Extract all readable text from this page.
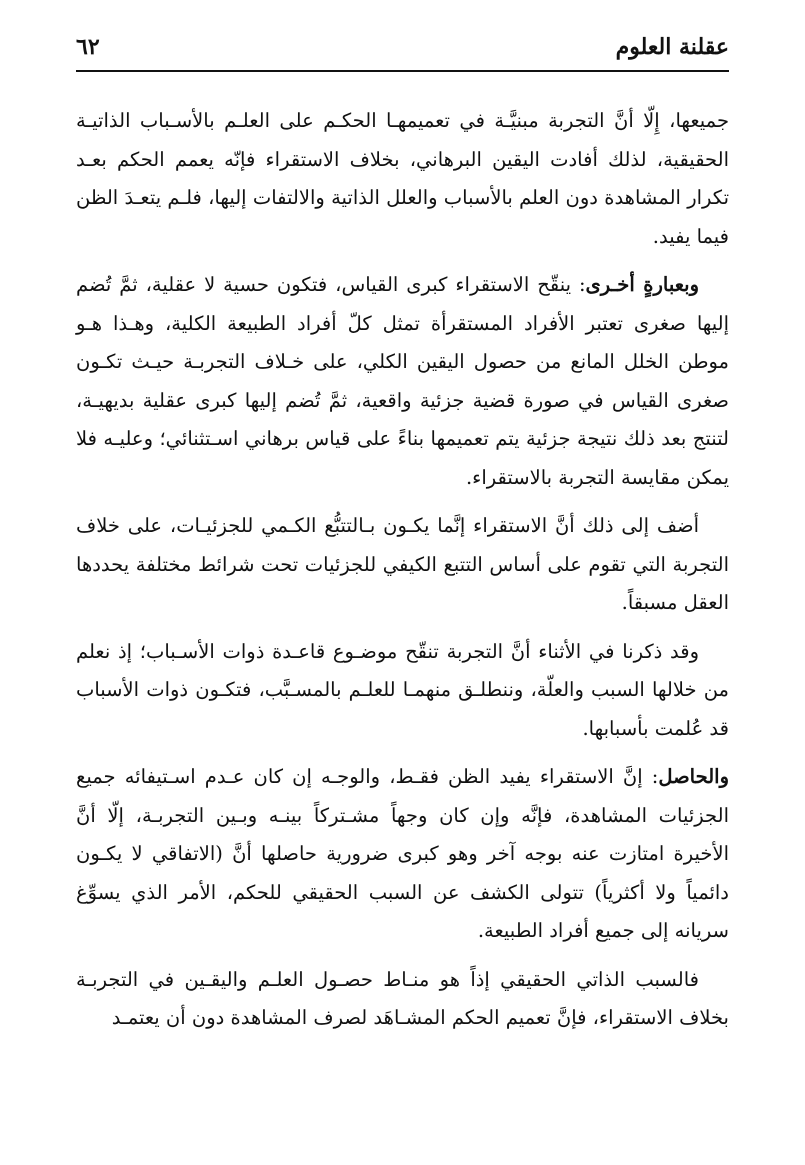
عقلنة العلوم
٦٢

جميعها، إِلّا أنَّ التجربة مبنيَّـة في تعميمهـا الحكـم على العلـم بالأسـباب الذاتيـة الحقيقية، لذلك أفادت اليقين البرهاني، بخلاف الاستقراء فإنّه يعمم الحكم بعـد تكرار المشاهدة دون العلم بالأسباب والعلل الذاتية والالتفات إليها، فلـم يتعـدَ الظن فيما يفيد.

وبعبارةٍ أخـرى: ينقّح الاستقراء كبرى القياس، فتكون حسية لا عقلية، ثمَّ تُضم إليها صغرى تعتبر الأفراد المستقرأة تمثل كلّ أفراد الطبيعة الكلية، وهـذا هـو موطن الخلل المانع من حصول اليقين الكلي، على خـلاف التجربـة حيـث تكـون صغرى القياس في صورة قضية جزئية واقعية، ثمَّ تُضم إليها كبرى عقلية بديهيـة، لتنتج بعد ذلك نتيجة جزئية يتم تعميمها بناءً على قياس برهاني اسـتثنائي؛ وعليـه فلا يمكن مقايسة التجربة بالاستقراء.

أضف إلى ذلك أنَّ الاستقراء إنَّما يكـون بـالتتبُّع الكـمي للجزئيـات، على خلاف التجربة التي تقوم على أساس التتبع الكيفي للجزئيات تحت شرائط مختلفة يحددها العقل مسبقاً.

وقد ذكرنا في الأثناء أنَّ التجربة تنقّح موضـوع قاعـدة ذوات الأسـباب؛ إذ نعلم من خلالها السبب والعلّة، وننطلـق منهمـا للعلـم بالمسـبَّب، فتكـون ذوات الأسباب قد عُلمت بأسبابها.

والحاصل: إنَّ الاستقراء يفيد الظن فقـط، والوجـه إن كان عـدم اسـتيفائه جميع الجزئيات المشاهدة، فإنَّه وإن كان وجهاً مشـتركاً بينـه وبـين التجربـة، إلّا أنَّ الأخيرة امتازت عنه بوجه آخر وهو كبرى ضرورية حاصلها أنَّ (الاتفاقي لا يكـون دائمياً ولا أكثرياً) تتولى الكشف عن السبب الحقيقي للحكم، الأمر الذي يسوِّغ سريانه إلى جميع أفراد الطبيعة.

فالسبب الذاتي الحقيقي إذاً هو منـاط حصـول العلـم واليقـين في التجربـة بخلاف الاستقراء، فإنَّ تعميم الحكم المشـاهَد لصرف المشاهدة دون أن يعتمـد
